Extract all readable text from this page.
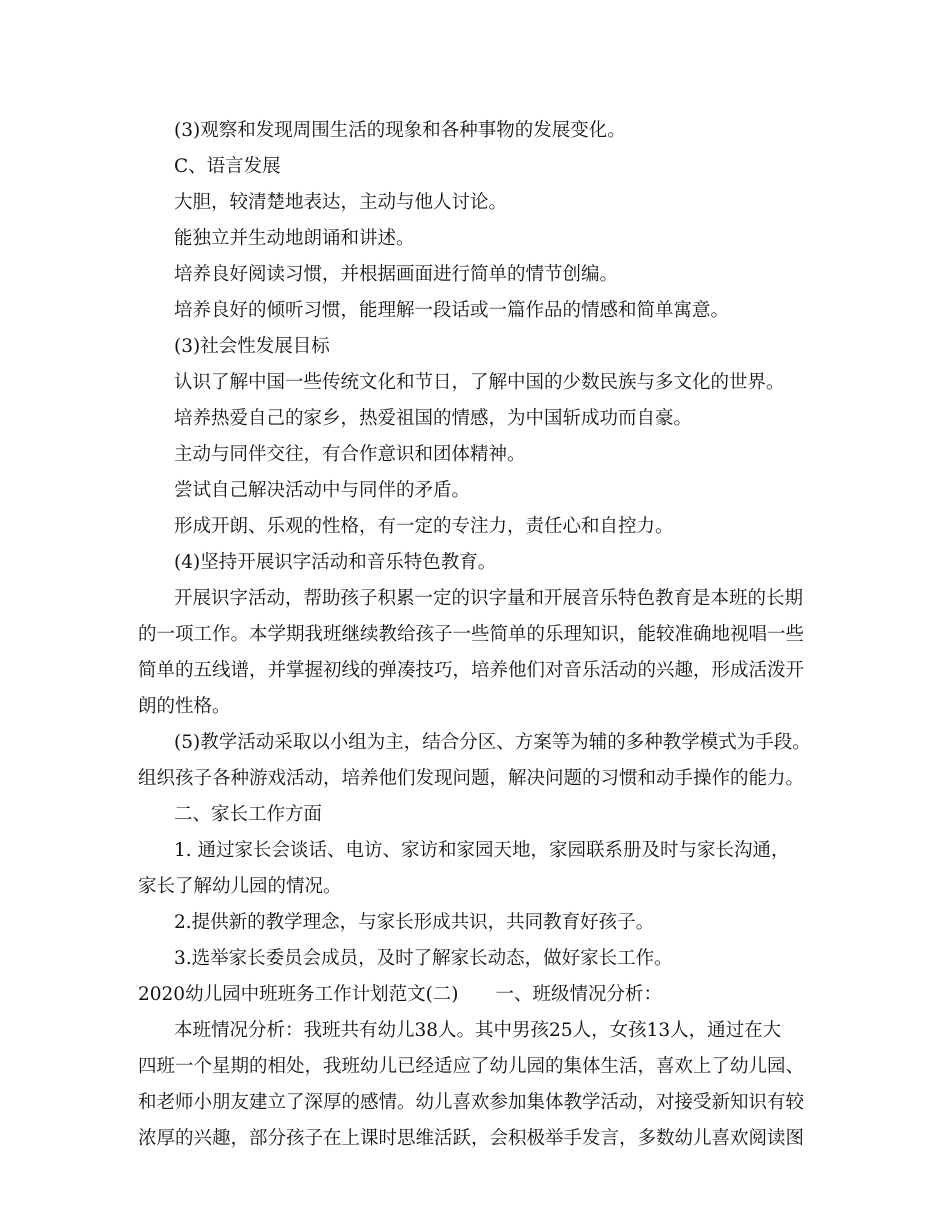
(3)观察和发现周围生活的现象和各种事物的发展变化。
C、语言发展
大胆，较清楚地表达，主动与他人讨论。
能独立并生动地朗诵和讲述。
培养良好阅读习惯，并根据画面进行简单的情节创编。
培养良好的倾听习惯，能理解一段话或一篇作品的情感和简单寓意。
(3)社会性发展目标
认识了解中国一些传统文化和节日，了解中国的少数民族与多文化的世界。
培养热爱自己的家乡，热爱祖国的情感，为中国斩成功而自豪。
主动与同伴交往，有合作意识和团体精神。
尝试自己解决活动中与同伴的矛盾。
形成开朗、乐观的性格，有一定的专注力，责任心和自控力。
(4)坚持开展识字活动和音乐特色教育。
开展识字活动，帮助孩子积累一定的识字量和开展音乐特色教育是本班的长期
的一项工作。本学期我班继续教给孩子一些简单的乐理知识，能较准确地视唱一些
简单的五线谱，并掌握初线的弹凑技巧，培养他们对音乐活动的兴趣，形成活泼开
朗的性格。
(5)教学活动采取以小组为主，结合分区、方案等为辅的多种教学模式为手段。
组织孩子各种游戏活动，培养他们发现问题，解决问题的习惯和动手操作的能力。
二、家长工作方面
1. 通过家长会谈话、电访、家访和家园天地，家园联系册及时与家长沟通，
家长了解幼儿园的情况。
2.提供新的教学理念，与家长形成共识，共同教育好孩子。
3.选举家长委员会成员，及时了解家长动态，做好家长工作。
2020幼儿园中班班务工作计划范文(二)　　一、班级情况分析：
本班情况分析：我班共有幼儿38人。其中男孩25人，女孩13人，通过在大
四班一个星期的相处，我班幼儿已经适应了幼儿园的集体生活，喜欢上了幼儿园、
和老师小朋友建立了深厚的感情。幼儿喜欢参加集体教学活动，对接受新知识有较
浓厚的兴趣，部分孩子在上课时思维活跃，会积极举手发言，多数幼儿喜欢阅读图
